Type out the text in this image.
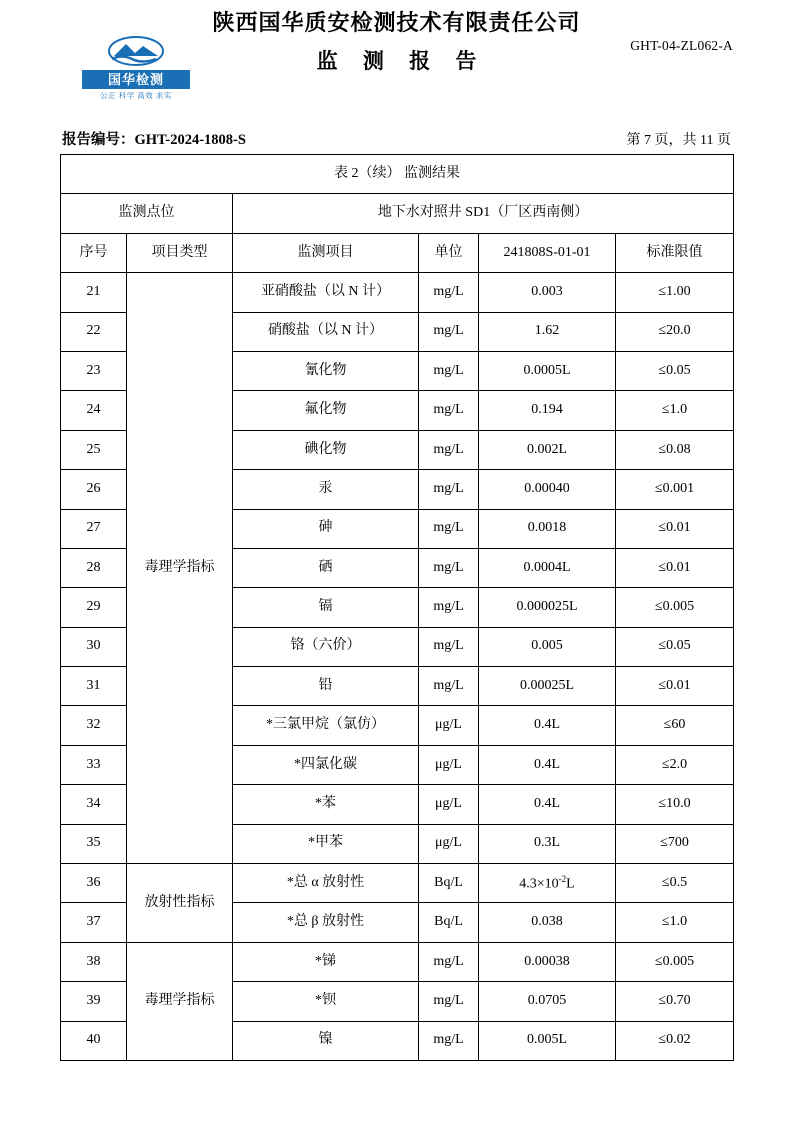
国华检测
公正 科学 高效 求实
GHT-04-ZL062-A
陕西国华质安检测技术有限责任公司
监 测 报 告
报告编号：GHT-2024-1808-S	第 7 页，共 11 页
表 2（续） 监测结果					
监测点位		地下水对照井 SD1（厂区西南侧）			
序号	项目类型	监测项目	单位	241808S-01-01	标准限值
21	毒理学指标	亚硝酸盐（以 N 计）	mg/L	0.003	≤1.00
22		硝酸盐（以 N 计）	mg/L	1.62	≤20.0
23		氰化物	mg/L	0.0005L	≤0.05
24		氟化物	mg/L	0.194	≤1.0
25		碘化物	mg/L	0.002L	≤0.08
26		汞	mg/L	0.00040	≤0.001
27		砷	mg/L	0.0018	≤0.01
28		硒	mg/L	0.0004L	≤0.01
29		镉	mg/L	0.000025L	≤0.005
30		铬（六价）	mg/L	0.005	≤0.05
31		铅	mg/L	0.00025L	≤0.01
32		*三氯甲烷（氯仿）	μg/L	0.4L	≤60
33		*四氯化碳	μg/L	0.4L	≤2.0
34		*苯	μg/L	0.4L	≤10.0
35		*甲苯	μg/L	0.3L	≤700
36	放射性指标	*总 α 放射性	Bq/L	$4.3\times 10^{-2}L$	≤0.5
37		*总 β 放射性	Bq/L	0.038	≤1.0
38	毒理学指标	*锑	mg/L	0.00038	≤0.005
39		*钡	mg/L	0.0705	≤0.70
40		镍	mg/L	0.005L	≤0.02
